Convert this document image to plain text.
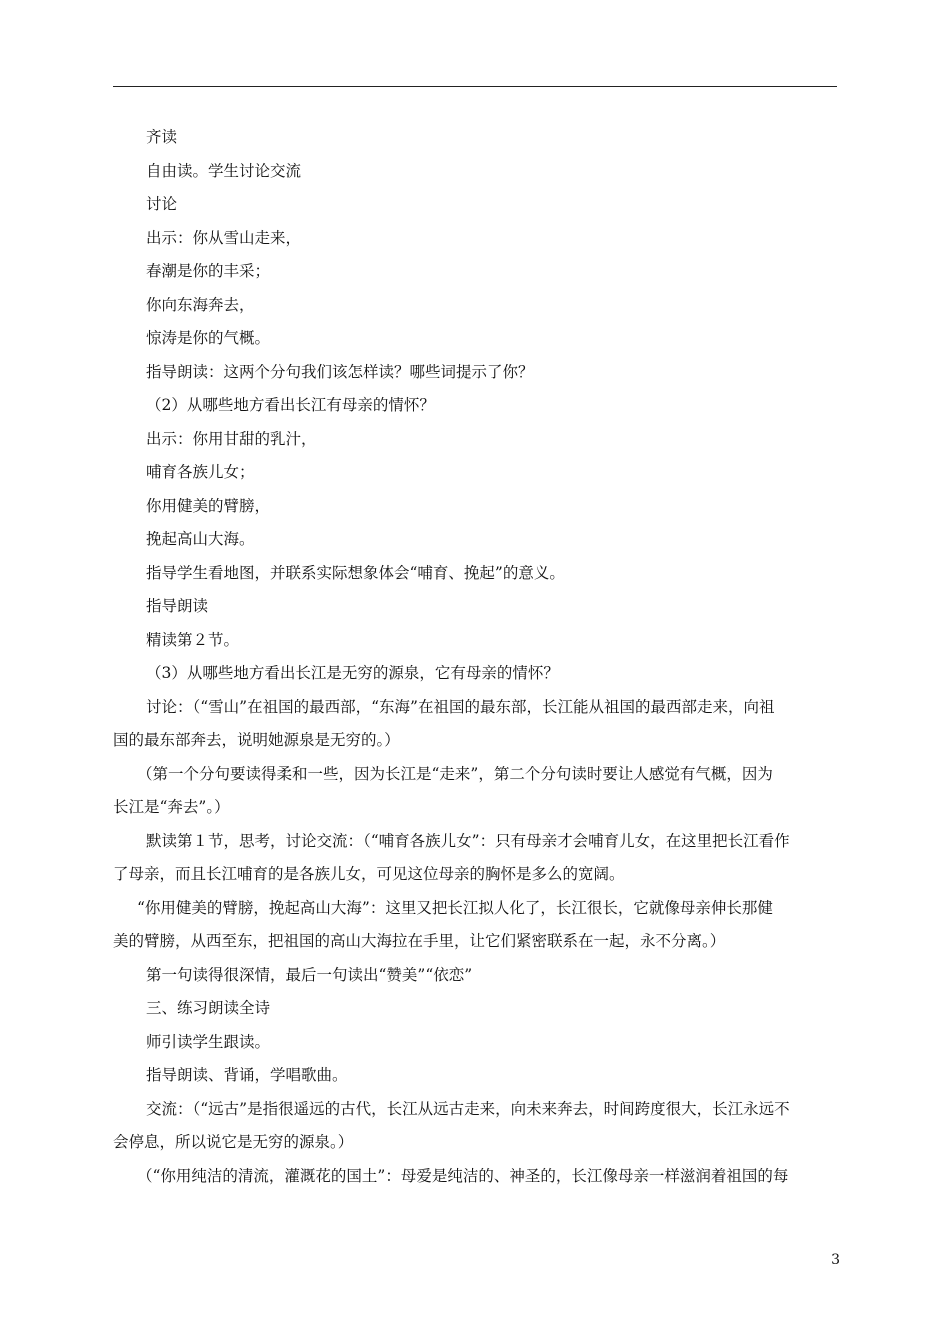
齐读

自由读。学生讨论交流

讨论

出示：你从雪山走来，

春潮是你的丰采；

你向东海奔去，

惊涛是你的气概。

指导朗读：这两个分句我们该怎样读？哪些词提示了你？

（2）从哪些地方看出长江有母亲的情怀？

出示：你用甘甜的乳汁，

哺育各族儿女；

你用健美的臂膀，

挽起高山大海。

指导学生看地图，并联系实际想象体会“哺育、挽起”的意义。

指导朗读

精读第２节。

（3）从哪些地方看出长江是无穷的源泉，它有母亲的情怀？

讨论：（“雪山”在祖国的最西部，“东海”在祖国的最东部，长江能从祖国的最西部走来，向祖

国的最东部奔去，说明她源泉是无穷的。）

（第一个分句要读得柔和一些，因为长江是“走来”，第二个分句读时要让人感觉有气概，因为

长江是“奔去”。）

默读第１节，思考，讨论交流：（“哺育各族儿女”：只有母亲才会哺育儿女，在这里把长江看作

了母亲，而且长江哺育的是各族儿女，可见这位母亲的胸怀是多么的宽阔。

“你用健美的臂膀，挽起高山大海”：这里又把长江拟人化了，长江很长，它就像母亲伸长那健

美的臂膀，从西至东，把祖国的高山大海拉在手里，让它们紧密联系在一起，永不分离。）

第一句读得很深情，最后一句读出“赞美”“依恋”

三、练习朗读全诗

师引读学生跟读。

指导朗读、背诵，学唱歌曲。

交流：（“远古”是指很遥远的古代，长江从远古走来，向未来奔去，时间跨度很大，长江永远不

会停息，所以说它是无穷的源泉。）

（“你用纯洁的清流，灌溉花的国土”：母爱是纯洁的、神圣的，长江像母亲一样滋润着祖国的每

3
